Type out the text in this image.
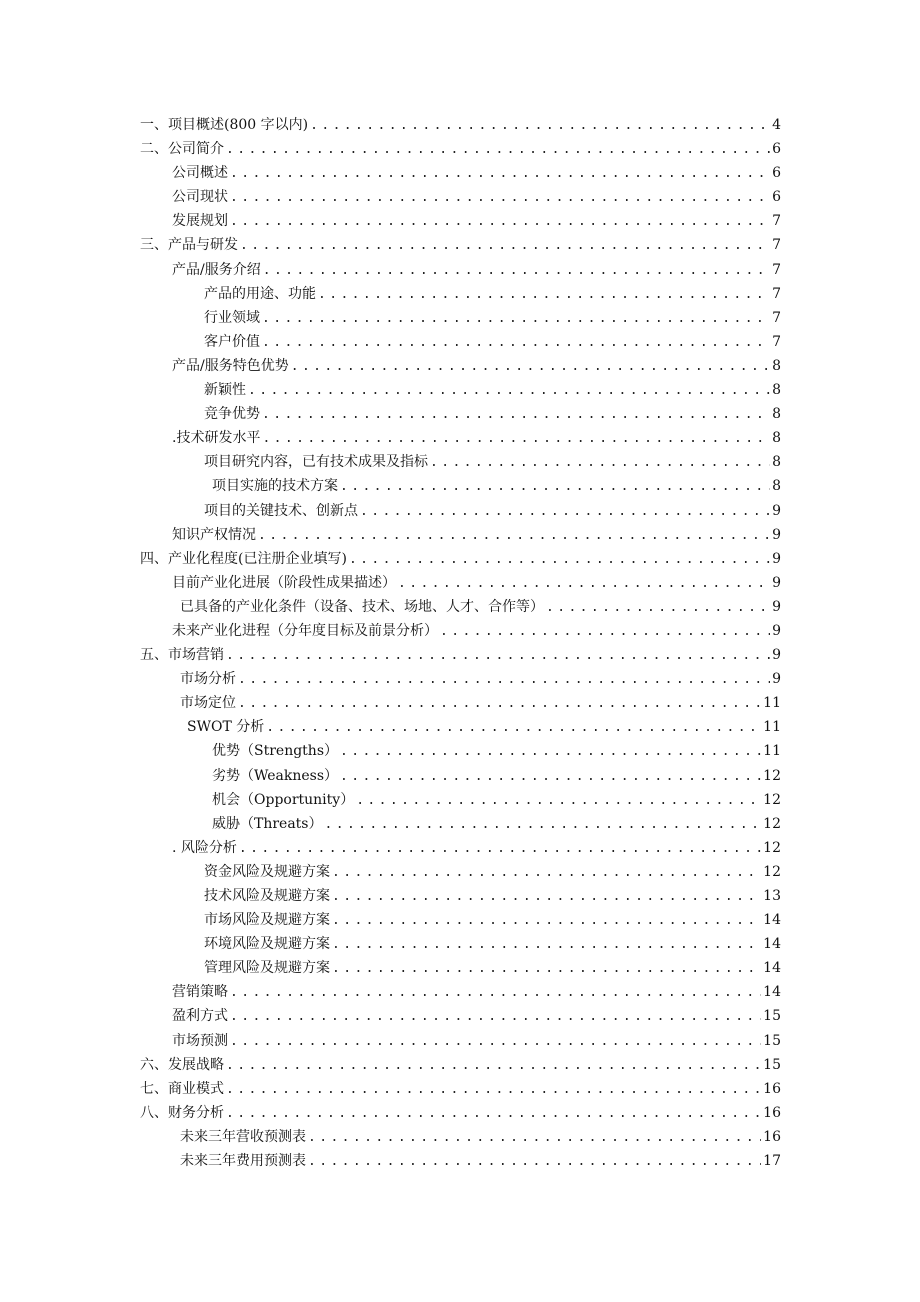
一、项目概述(800 字以内) .....	4
二、公司简介 .....	6
公司概述 .....	6
公司现状 .....	6
发展规划 .....	7
三、产品与研发 .....	7
产品/服务介绍 .....	7
产品的用途、功能 .....	7
行业领域 .....	7
客户价值 .....	7
产品/服务特色优势 .....	8
新颖性 .....	8
竞争优势 .....	8
.技术研发水平 .....	8
项目研究内容，已有技术成果及指标 .....	8
项目实施的技术方案 .....	8
项目的关键技术、创新点 .....	9
知识产权情况 .....	9
四、产业化程度(已注册企业填写) .....	9
目前产业化进展（阶段性成果描述） .....	9
已具备的产业化条件（设备、技术、场地、人才、合作等） .....	9
未来产业化进程（分年度目标及前景分析） .....	9
五、市场营销 .....	9
市场分析 .....	9
市场定位 .....	11
SWOT 分析 .....	11
优势（Strengths） .....	11
劣势（Weakness） .....	12
机会（Opportunity） .....	12
威胁（Threats） .....	12
. 风险分析 .....	12
资金风险及规避方案 .....	12
技术风险及规避方案 .....	13
市场风险及规避方案 .....	14
环境风险及规避方案 .....	14
管理风险及规避方案 .....	14
营销策略 .....	14
盈利方式 .....	15
市场预测 .....	15
六、发展战略 .....	15
七、商业模式 .....	16
八、财务分析 .....	16
未来三年营收预测表 .....	16
未来三年费用预测表 .....	17
